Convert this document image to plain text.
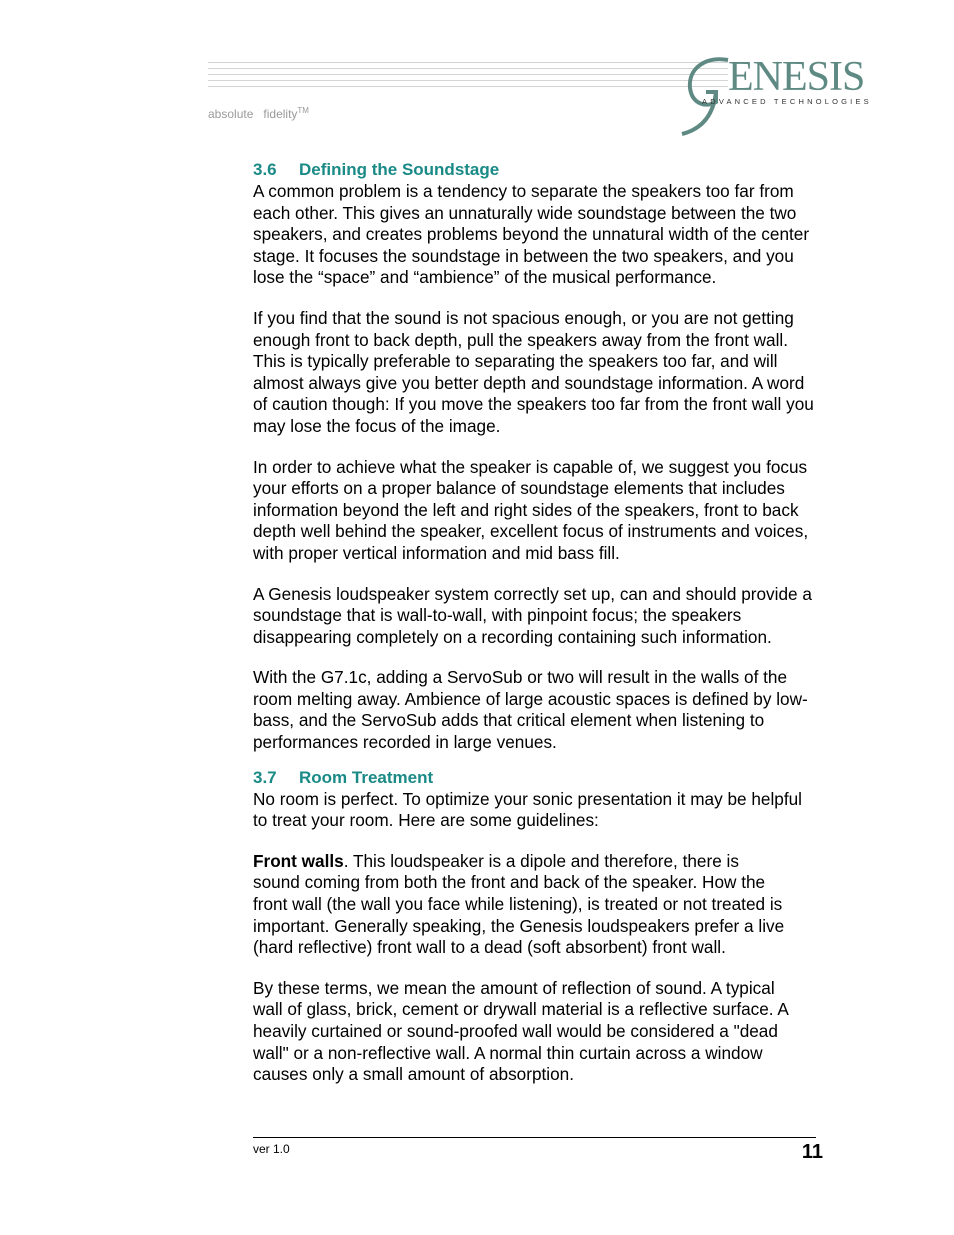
absolute fidelity™
ENESIS
ADVANCED TECHNOLOGIES
3.6 Defining the Soundstage

A common problem is a tendency to separate the speakers too far from each other. This gives an unnaturally wide soundstage between the two speakers, and creates problems beyond the unnatural width of the center stage. It focuses the soundstage in between the two speakers, and you lose the “space” and “ambience” of the musical performance.

If you find that the sound is not spacious enough, or you are not getting enough front to back depth, pull the speakers away from the front wall. This is typically preferable to separating the speakers too far, and will almost always give you better depth and soundstage information. A word of caution though: If you move the speakers too far from the front wall you may lose the focus of the image.

In order to achieve what the speaker is capable of, we suggest you focus your efforts on a proper balance of soundstage elements that includes information beyond the left and right sides of the speakers, front to back depth well behind the speaker, excellent focus of instruments and voices, with proper vertical information and mid bass fill.

A Genesis loudspeaker system correctly set up, can and should provide a soundstage that is wall-to-wall, with pinpoint focus; the speakers disappearing completely on a recording containing such information.

With the G7.1c, adding a ServoSub or two will result in the walls of the room melting away. Ambience of large acoustic spaces is defined by low-bass, and the ServoSub adds that critical element when listening to performances recorded in large venues.

3.7 Room Treatment

No room is perfect. To optimize your sonic presentation it may be helpful to treat your room. Here are some guidelines:

Front walls. This loudspeaker is a dipole and therefore, there is sound coming from both the front and back of the speaker. How the front wall (the wall you face while listening), is treated or not treated is important. Generally speaking, the Genesis loudspeakers prefer a live (hard reflective) front wall to a dead (soft absorbent) front wall.

By these terms, we mean the amount of reflection of sound. A typical wall of glass, brick, cement or drywall material is a reflective surface. A heavily curtained or sound-proofed wall would be considered a "dead wall" or a non-reflective wall. A normal thin curtain across a window causes only a small amount of absorption.

ver 1.0	11
